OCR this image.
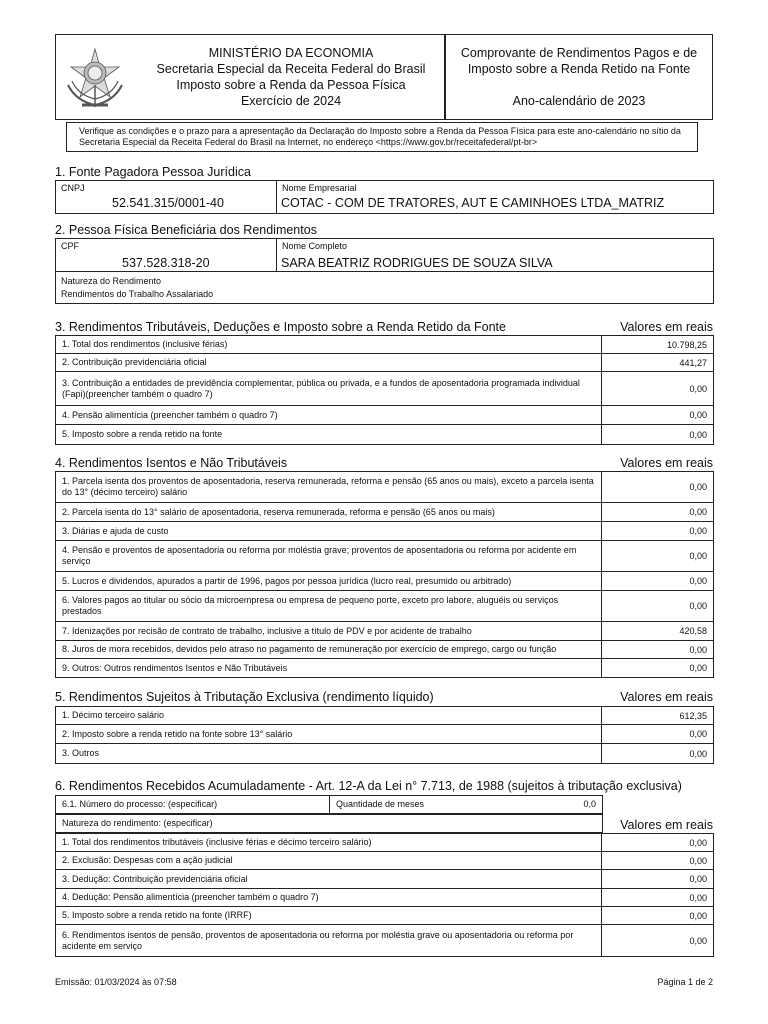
MINISTÉRIO DA ECONOMIA
Secretaria Especial da Receita Federal do Brasil
Imposto sobre a Renda da Pessoa Física
Exercício de 2024
Comprovante de Rendimentos Pagos e de
Imposto sobre a Renda Retido na Fonte
Ano-calendário de 2023
Verifique as condições e o prazo para a apresentação da Declaração do Imposto sobre a Renda da Pessoa Física para este ano-calendário no sítio da Secretaria Especial da Receita Federal do Brasil na Internet, no endereço <https://www.gov.br/receitafederal/pt-br>
1. Fonte Pagadora Pessoa Jurídica
CNPJ
52.541.315/0001-40
Nome Empresarial
COTAC - COM DE TRATORES, AUT E CAMINHOES LTDA_MATRIZ
2. Pessoa Física Beneficiária dos Rendimentos
CPF
537.528.318-20
Nome Completo
SARA BEATRIZ RODRIGUES DE SOUZA SILVA
Natureza do Rendimento
Rendimentos do Trabalho Assalariado
3. Rendimentos Tributáveis, Deduções e Imposto sobre a Renda Retido da Fonte	Valores em reais
1. Total dos rendimentos (inclusive férias)	10.798,25
2. Contribuição previdenciária oficial	441,27
3. Contribuição a entidades de previdência complementar, pública ou privada, e a fundos de aposentadoria programada individual (Fapi)(preencher também o quadro 7)	0,00
4. Pensão alimentícia (preencher também o quadro 7)	0,00
5. Imposto sobre a renda retido na fonte	0,00
4. Rendimentos Isentos e Não Tributáveis	Valores em reais
1. Parcela isenta dos proventos de aposentadoria, reserva remunerada, reforma e pensão (65 anos ou mais), exceto a parcela isenta do 13° (décimo terceiro) salário	0,00
2. Parcela isenta do 13° salário de aposentadoria, reserva remunerada, reforma e pensão (65 anos ou mais)	0,00
3. Diárias e ajuda de custo	0,00
4. Pensão e proventos de aposentadoria ou reforma por moléstia grave; proventos de aposentadoria ou reforma por acidente em serviço	0,00
5. Lucros e dividendos, apurados a partir de 1996, pagos por pessoa jurídica (lucro real, presumido ou arbitrado)	0,00
6. Valores pagos ao titular ou sócio da microempresa ou empresa de pequeno porte, exceto pro labore, aluguéis ou serviços prestados	0,00
7. Idenizações por recisão de contrato de trabalho, inclusive a título de PDV e por acidente de trabalho	420,58
8. Juros de mora recebidos, devidos pelo atraso no pagamento de remuneração por exercício de emprego, cargo ou função	0,00
9. Outros: Outros rendimentos Isentos e Não Tributáveis	0,00
5. Rendimentos Sujeitos à Tributação Exclusiva (rendimento líquido)	Valores em reais
1. Décimo terceiro salário	612,35
2. Imposto sobre a renda retido na fonte sobre 13° salário	0,00
3. Outros	0,00
6. Rendimentos Recebidos Acumuladamente - Art. 12-A da Lei n° 7.713, de 1988 (sujeitos à tributação exclusiva)
6.1. Número do processo: (especificar)	Quantidade de meses	0,0
Natureza do rendimento: (especificar)	Valores em reais
1. Total dos rendimentos tributáveis (inclusive férias e décimo terceiro salário)	0,00
2. Exclusão: Despesas com a ação judicial	0,00
3. Dedução: Contribuição previdenciária oficial	0,00
4. Dedução: Pensão alimentícia (preencher também o quadro 7)	0,00
5. Imposto sobre a renda retido na fonte (IRRF)	0,00
6. Rendimentos isentos de pensão, proventos de aposentadoria ou reforma por moléstia grave ou aposentadoria ou reforma por acidente em serviço	0,00
Emissão: 01/03/2024 às 07:58	Página 1 de 2
